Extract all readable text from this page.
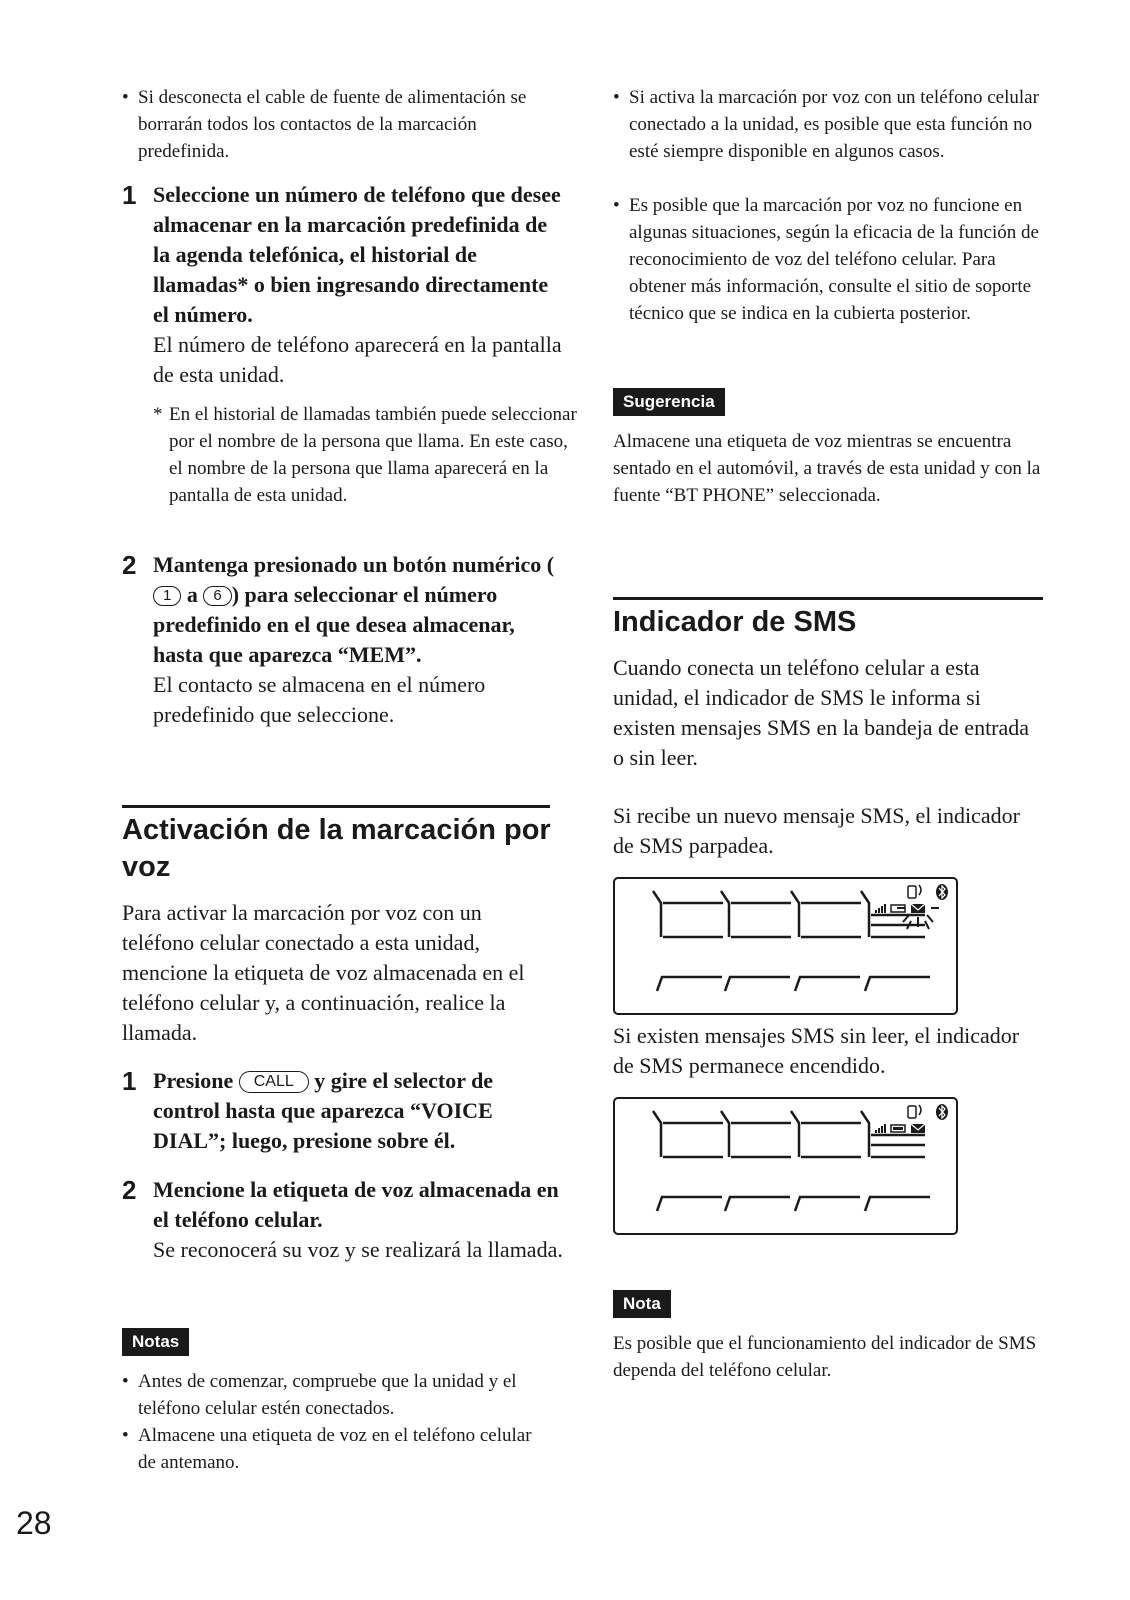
• Si desconecta el cable de fuente de alimentación se borrarán todos los contactos de la marcación predefinida.
1 Seleccione un número de teléfono que desee almacenar en la marcación predefinida de la agenda telefónica, el historial de llamadas* o bien ingresando directamente el número.
El número de teléfono aparecerá en la pantalla de esta unidad.
* En el historial de llamadas también puede seleccionar por el nombre de la persona que llama. En este caso, el nombre de la persona que llama aparecerá en la pantalla de esta unidad.
2 Mantenga presionado un botón numérico (1 a 6 ) para seleccionar el número predefinido en el que desea almacenar, hasta que aparezca “MEM”.
El contacto se almacena en el número predefinido que seleccione.
Activación de la marcación por voz
Para activar la marcación por voz con un teléfono celular conectado a esta unidad, mencione la etiqueta de voz almacenada en el teléfono celular y, a continuación, realice la llamada.
1 Presione CALL y gire el selector de control hasta que aparezca “VOICE DIAL”; luego, presione sobre él.
2 Mencione la etiqueta de voz almacenada en el teléfono celular.
Se reconocerá su voz y se realizará la llamada.
Notas
• Antes de comenzar, compruebe que la unidad y el teléfono celular estén conectados.
• Almacene una etiqueta de voz en el teléfono celular de antemano.
• Si activa la marcación por voz con un teléfono celular conectado a la unidad, es posible que esta función no esté siempre disponible en algunos casos.
• Es posible que la marcación por voz no funcione en algunas situaciones, según la eficacia de la función de reconocimiento de voz del teléfono celular. Para obtener más información, consulte el sitio de soporte técnico que se indica en la cubierta posterior.
Sugerencia
Almacene una etiqueta de voz mientras se encuentra sentado en el automóvil, a través de esta unidad y con la fuente “BT PHONE” seleccionada.
Indicador de SMS
Cuando conecta un teléfono celular a esta unidad, el indicador de SMS le informa si existen mensajes SMS en la bandeja de entrada o sin leer.
Si recibe un nuevo mensaje SMS, el indicador de SMS parpadea.
Si existen mensajes SMS sin leer, el indicador de SMS permanece encendido.
Nota
Es posible que el funcionamiento del indicador de SMS dependa del teléfono celular.
28
